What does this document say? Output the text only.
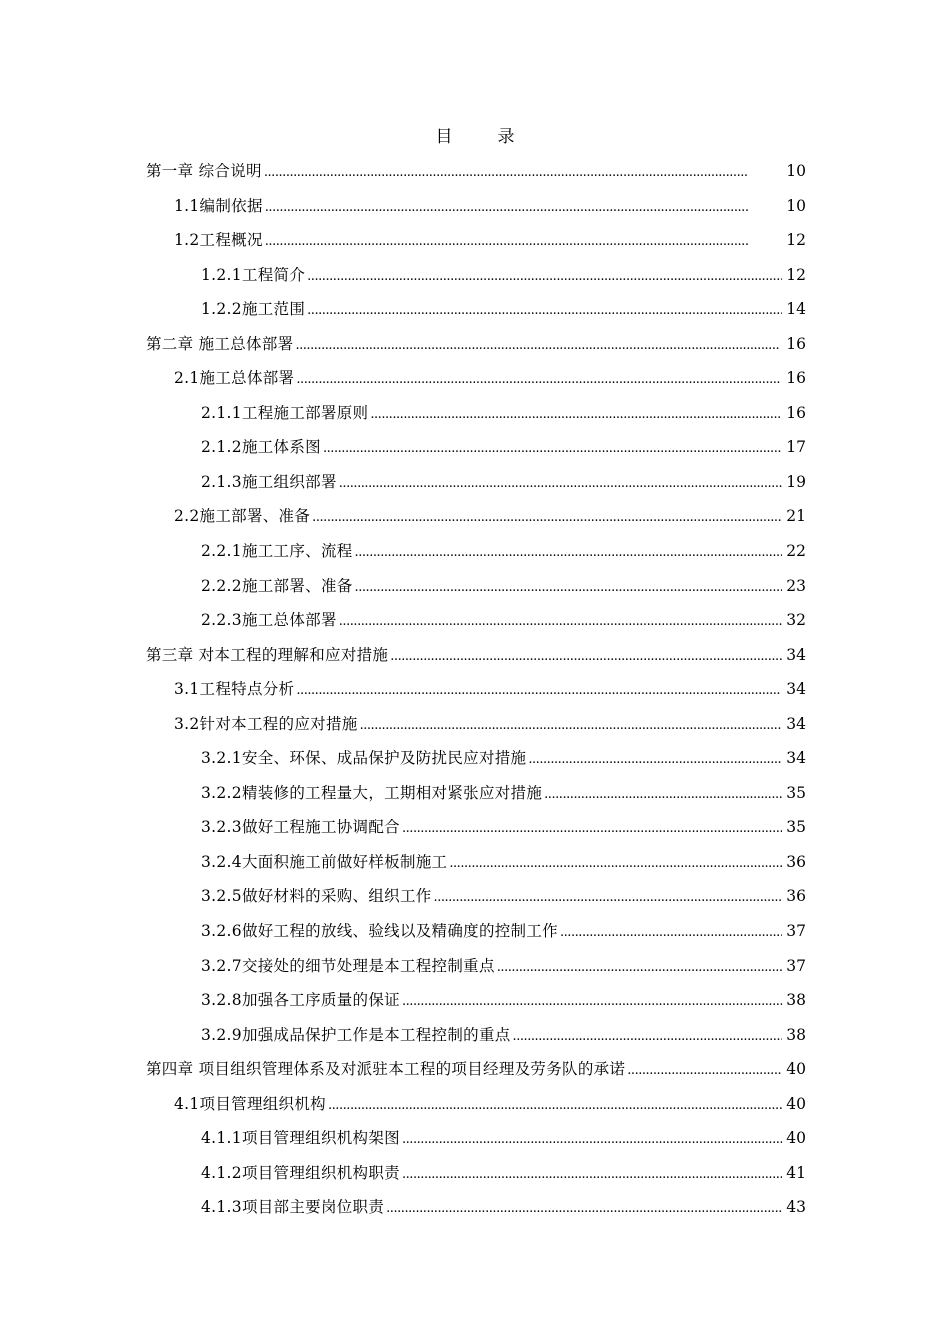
目　录
第一章 综合说明 . . .	10
1.1编制依据 . . .	10
1.2工程概况 . . .	12
1.2.1工程简介 . . .	12
1.2.2施工范围 . . .	14
第二章 施工总体部署 . . .	16
2.1施工总体部署 . . .	16
2.1.1工程施工部署原则 . . .	16
2.1.2施工体系图 . . .	17
2.1.3施工组织部署 . . .	19
2.2施工部署、准备 . . .	21
2.2.1施工工序、流程 . . .	22
2.2.2施工部署、准备 . . .	23
2.2.3施工总体部署 . . .	32
第三章 对本工程的理解和应对措施 . . .	34
3.1工程特点分析 . . .	34
3.2针对本工程的应对措施 . . .	34
3.2.1安全、环保、成品保护及防扰民应对措施 . . .	34
3.2.2精装修的工程量大，工期相对紧张应对措施 . . .	35
3.2.3做好工程施工协调配合 . . .	35
3.2.4大面积施工前做好样板制施工 . . .	36
3.2.5做好材料的采购、组织工作 . . .	36
3.2.6做好工程的放线、验线以及精确度的控制工作 . . .	37
3.2.7交接处的细节处理是本工程控制重点 . . .	37
3.2.8加强各工序质量的保证 . . .	38
3.2.9加强成品保护工作是本工程控制的重点 . . .	38
第四章 项目组织管理体系及对派驻本工程的项目经理及劳务队的承诺 . . .	40
4.1项目管理组织机构 . . .	40
4.1.1项目管理组织机构架图 . . .	40
4.1.2项目管理组织机构职责 . . .	41
4.1.3项目部主要岗位职责 . . .	43
